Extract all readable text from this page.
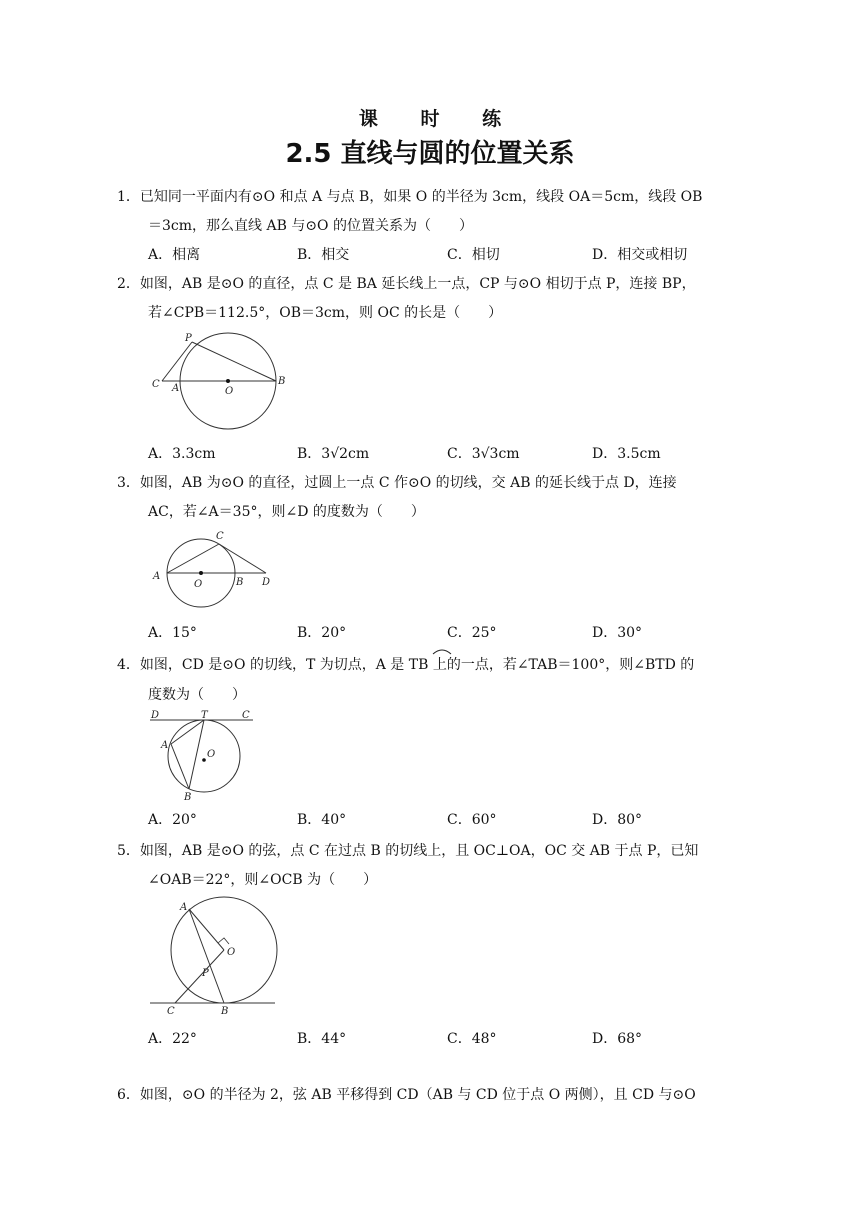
课 时 练
2.5 直线与圆的位置关系
1．已知同一平面内有⊙O 和点 A 与点 B，如果 O 的半径为 3cm，线段 OA＝5cm，线段 OB
＝3cm，那么直线 AB 与⊙O 的位置关系为（　　）
A．相离	B．相交	C．相切	D．相交或相切
2．如图，AB 是⊙O 的直径，点 C 是 BA 延长线上一点，CP 与⊙O 相切于点 P，连接 BP，
若∠CPB＝112.5°，OB＝3cm，则 OC 的长是（　　）
P
C A	O
B
A．3.3cm	B．3√2cm	C．3√3cm	D．3.5cm
3．如图，AB 为⊙O 的直径，过圆上一点 C 作⊙O 的切线，交 AB 的延长线于点 D，连接
AC，若∠A＝35°，则∠D 的度数为（　　）
C
A
O	B D
A．15°	B．20°	C．25°	D．30°
4．如图，CD 是⊙O 的切线，T 为切点，A 是 TB 上的一点，若∠TAB＝100°，则∠BTD 的
度数为（　　）
D	T	C
A
O
B
A．20°	B．40°	C．60°	D．80°
5．如图，AB 是⊙O 的弦，点 C 在过点 B 的切线上，且 OC⊥OA，OC 交 AB 于点 P，已知
∠OAB＝22°，则∠OCB 为（　　）
A
O
P
C	B
A．22°	B．44°	C．48°	D．68°
6．如图，⊙O 的半径为 2，弦 AB 平移得到 CD（AB 与 CD 位于点 O 两侧），且 CD 与⊙O
